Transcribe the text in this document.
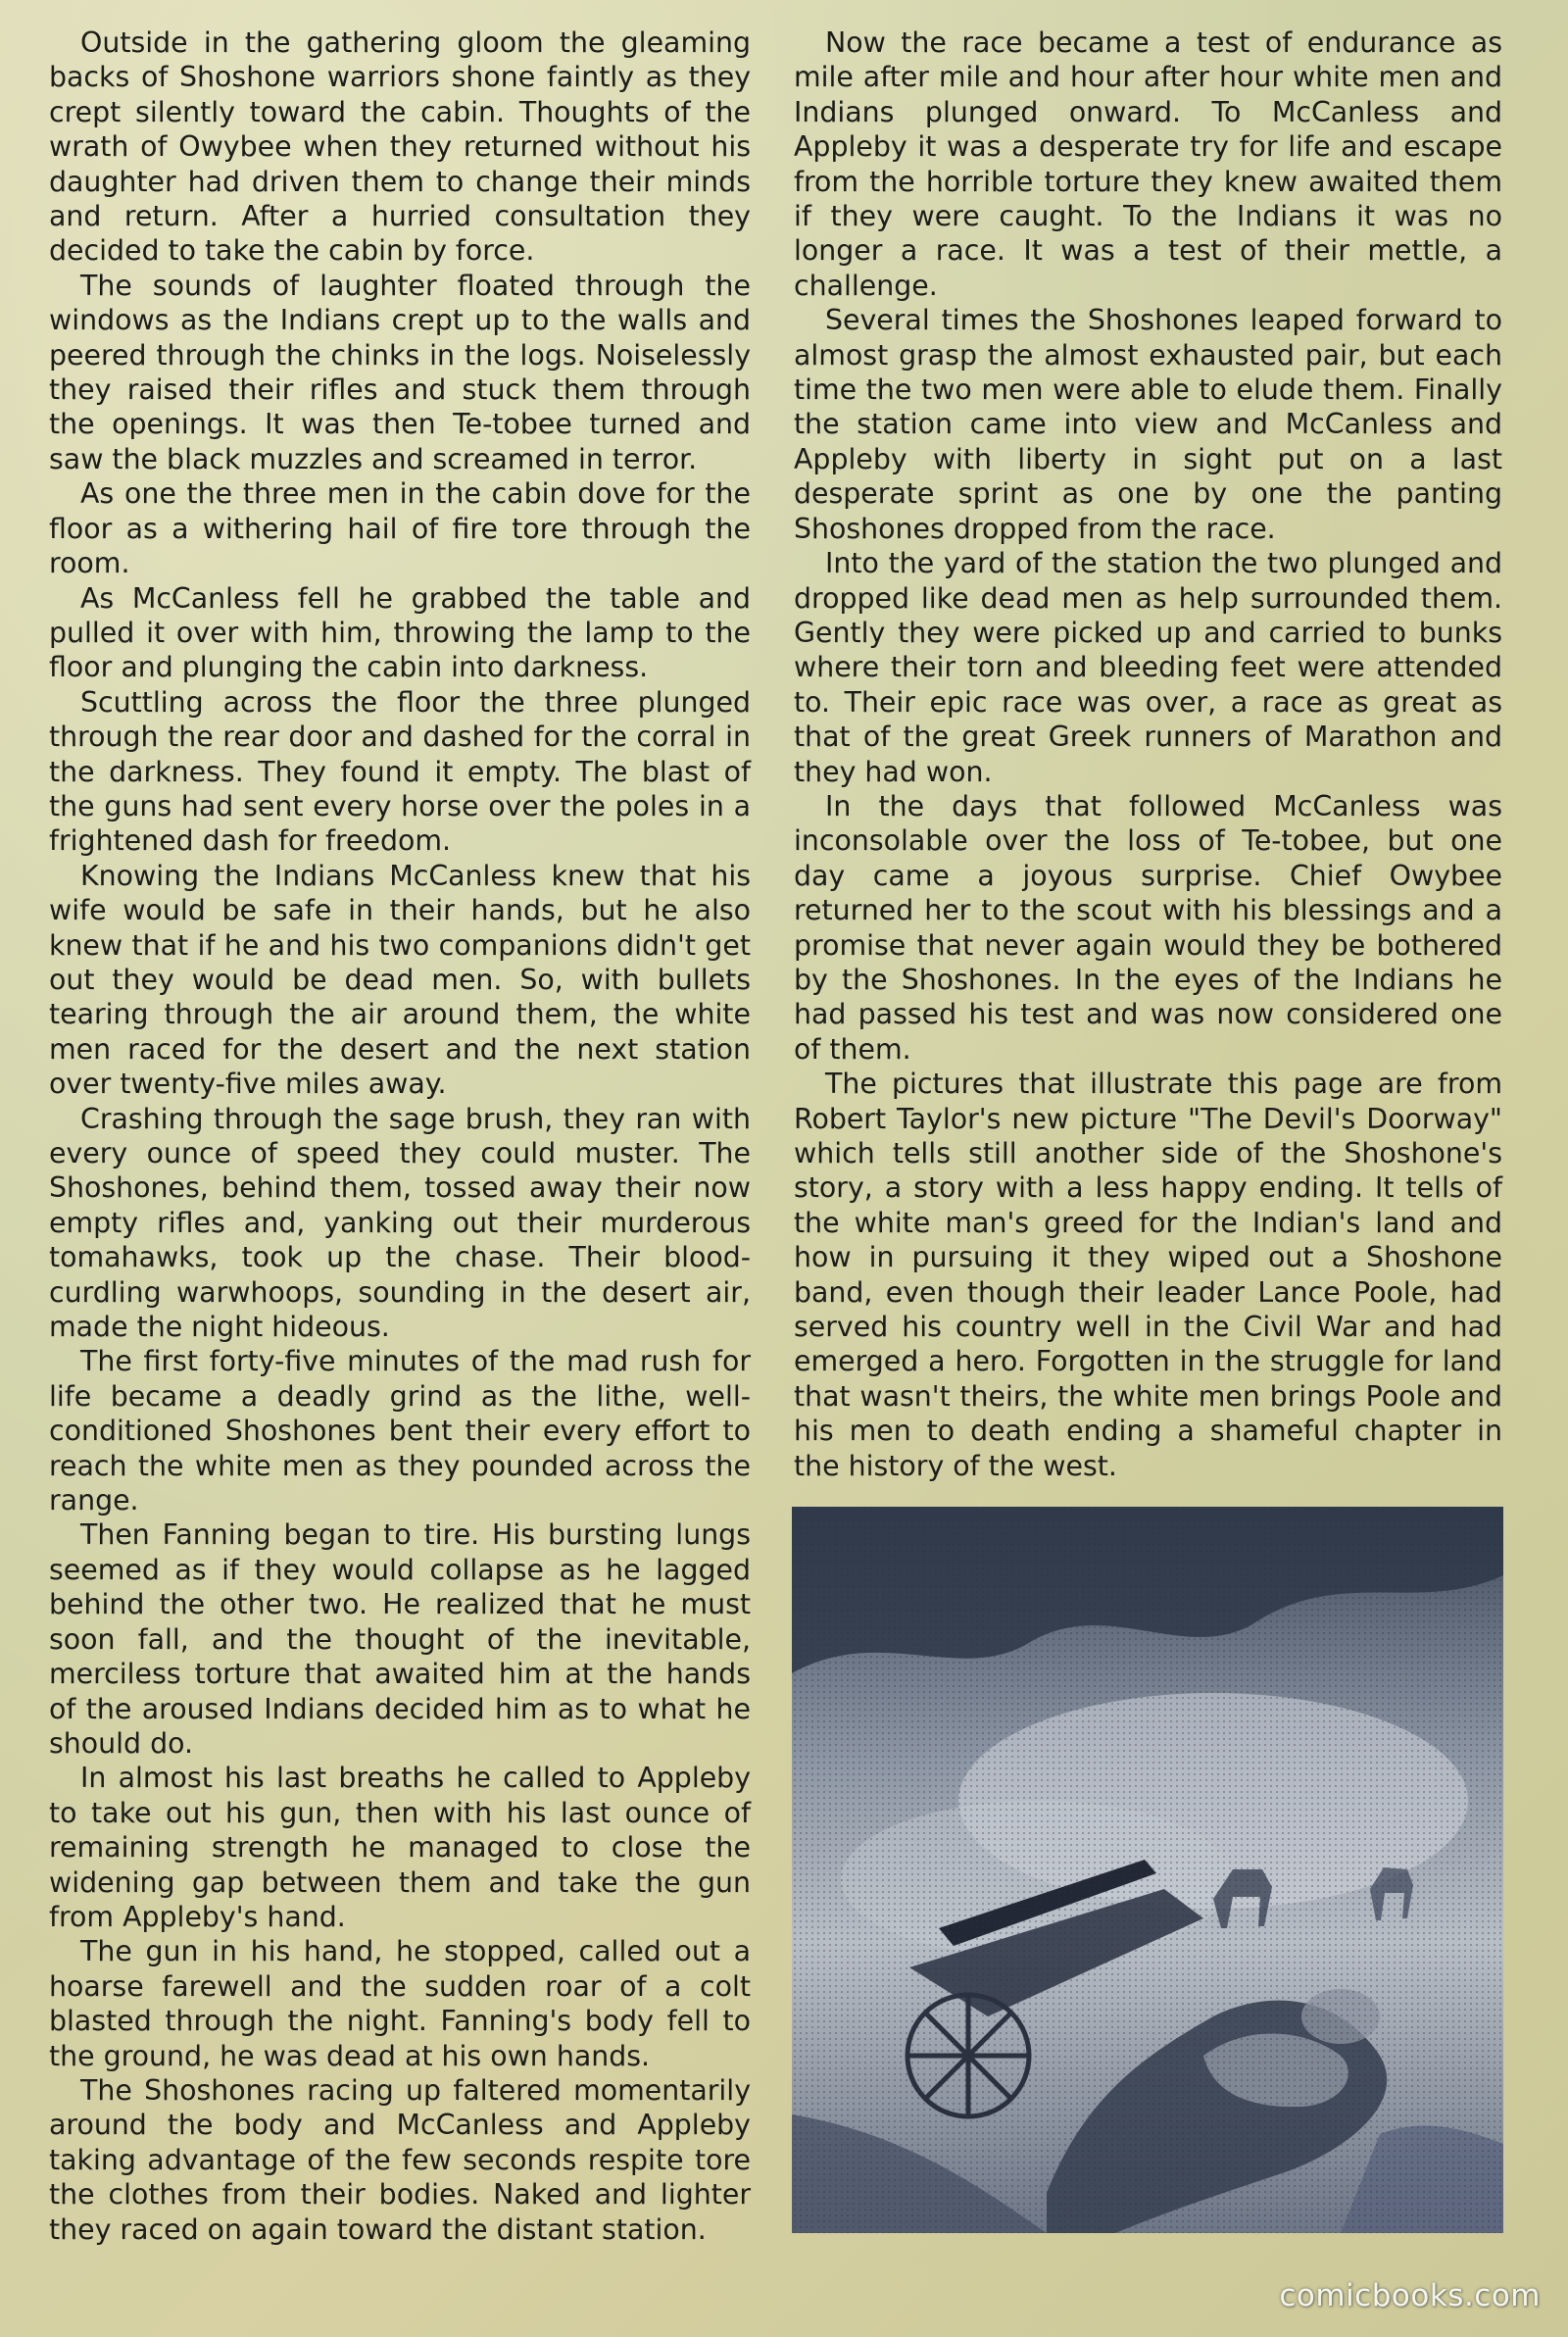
Outside in the gathering gloom the gleaming backs of Shoshone warriors shone faintly as they crept silently toward the cabin. Thoughts of the wrath of Owybee when they returned without his daughter had driven them to change their minds and return. After a hurried consultation they decided to take the cabin by force.

The sounds of laughter floated through the windows as the Indians crept up to the walls and peered through the chinks in the logs. Noiselessly they raised their rifles and stuck them through the openings. It was then Te-tobee turned and saw the black muzzles and screamed in terror.

As one the three men in the cabin dove for the floor as a withering hail of fire tore through the room.

As McCanless fell he grabbed the table and pulled it over with him, throwing the lamp to the floor and plunging the cabin into darkness.

Scuttling across the floor the three plunged through the rear door and dashed for the corral in the darkness. They found it empty. The blast of the guns had sent every horse over the poles in a frightened dash for freedom.

Knowing the Indians McCanless knew that his wife would be safe in their hands, but he also knew that if he and his two companions didn't get out they would be dead men. So, with bullets tearing through the air around them, the white men raced for the desert and the next station over twenty-five miles away.

Crashing through the sage brush, they ran with every ounce of speed they could muster. The Shoshones, behind them, tossed away their now empty rifles and, yanking out their murderous tomahawks, took up the chase. Their blood-curdling warwhoops, sounding in the desert air, made the night hideous.

The first forty-five minutes of the mad rush for life became a deadly grind as the lithe, well-conditioned Shoshones bent their every effort to reach the white men as they pounded across the range.

Then Fanning began to tire. His bursting lungs seemed as if they would collapse as he lagged behind the other two. He realized that he must soon fall, and the thought of the inevitable, merciless torture that awaited him at the hands of the aroused Indians decided him as to what he should do.

In almost his last breaths he called to Appleby to take out his gun, then with his last ounce of remaining strength he managed to close the widening gap between them and take the gun from Appleby's hand.

The gun in his hand, he stopped, called out a hoarse farewell and the sudden roar of a colt blasted through the night. Fanning's body fell to the ground, he was dead at his own hands.

The Shoshones racing up faltered momentarily around the body and McCanless and Appleby taking advantage of the few seconds respite tore the clothes from their bodies. Naked and lighter they raced on again toward the distant station.

Now the race became a test of endurance as mile after mile and hour after hour white men and Indians plunged onward. To McCanless and Appleby it was a desperate try for life and escape from the horrible torture they knew awaited them if they were caught. To the Indians it was no longer a race. It was a test of their mettle, a challenge.

Several times the Shoshones leaped forward to almost grasp the almost exhausted pair, but each time the two men were able to elude them. Finally the station came into view and McCanless and Appleby with liberty in sight put on a last desperate sprint as one by one the panting Shoshones dropped from the race.

Into the yard of the station the two plunged and dropped like dead men as help surrounded them. Gently they were picked up and carried to bunks where their torn and bleeding feet were attended to. Their epic race was over, a race as great as that of the great Greek runners of Marathon and they had won.

In the days that followed McCanless was inconsolable over the loss of Te-tobee, but one day came a joyous surprise. Chief Owybee returned her to the scout with his blessings and a promise that never again would they be bothered by the Shoshones. In the eyes of the Indians he had passed his test and was now considered one of them.

The pictures that illustrate this page are from Robert Taylor's new picture "The Devil's Doorway" which tells still another side of the Shoshone's story, a story with a less happy ending. It tells of the white man's greed for the Indian's land and how in pursuing it they wiped out a Shoshone band, even though their leader Lance Poole, had served his country well in the Civil War and had emerged a hero. Forgotten in the struggle for land that wasn't theirs, the white men brings Poole and his men to death ending a shameful chapter in the history of the west.

comicbooks.com
